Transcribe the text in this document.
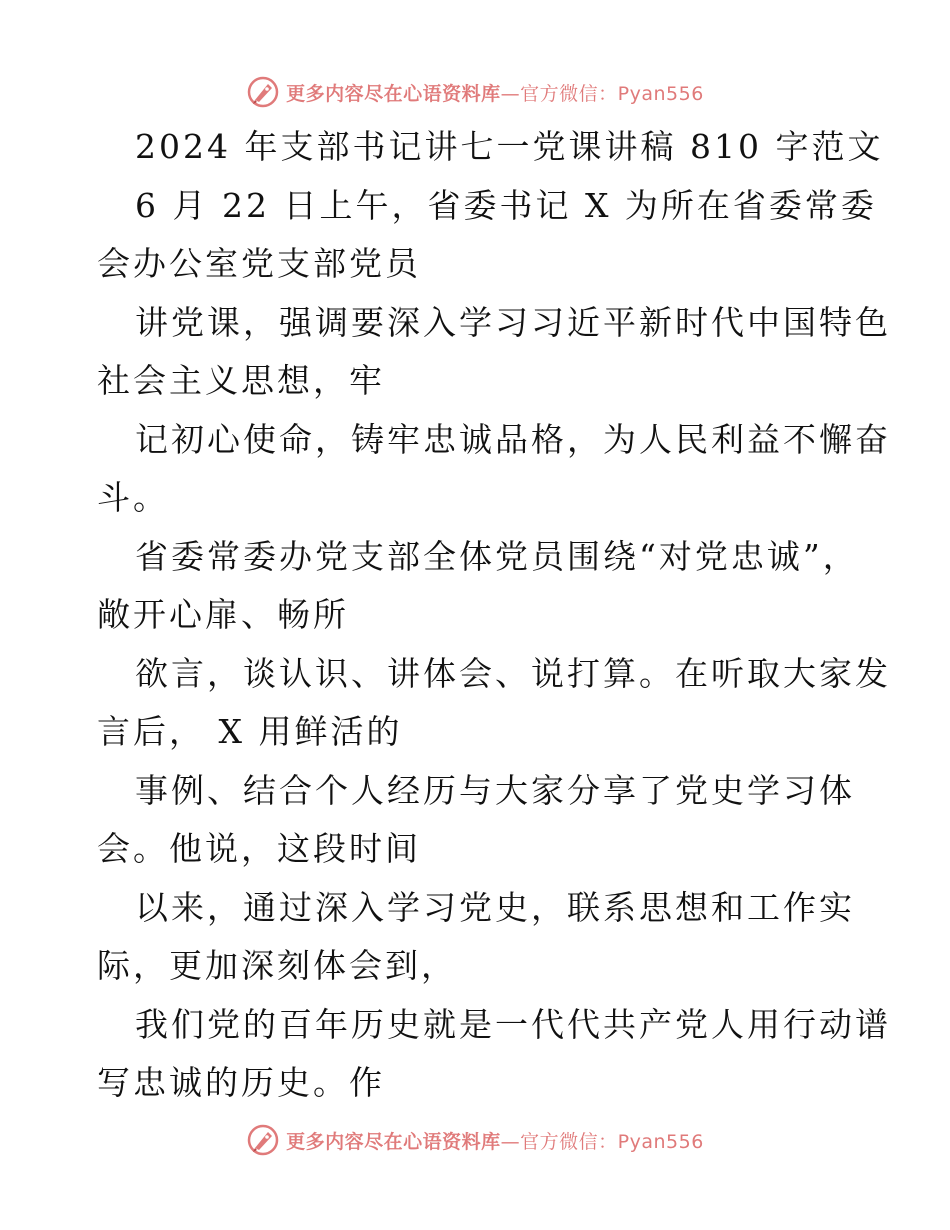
更多内容尽在心语资料库—官方微信：Pyan556
2024 年支部书记讲七一党课讲稿 810 字范文
6 月 22 日上午，省委书记 X 为所在省委常委
会办公室党支部党员
讲党课，强调要深入学习习近平新时代中国特色
社会主义思想，牢
记初心使命，铸牢忠诚品格，为人民利益不懈奋
斗。
省委常委办党支部全体党员围绕“对党忠诚”，
敞开心扉、畅所
欲言，谈认识、讲体会、说打算。在听取大家发
言后， X 用鲜活的
事例、结合个人经历与大家分享了党史学习体
会。他说，这段时间
以来，通过深入学习党史，联系思想和工作实
际，更加深刻体会到，
我们党的百年历史就是一代代共产党人用行动谱
写忠诚的历史。作
更多内容尽在心语资料库—官方微信：Pyan556
